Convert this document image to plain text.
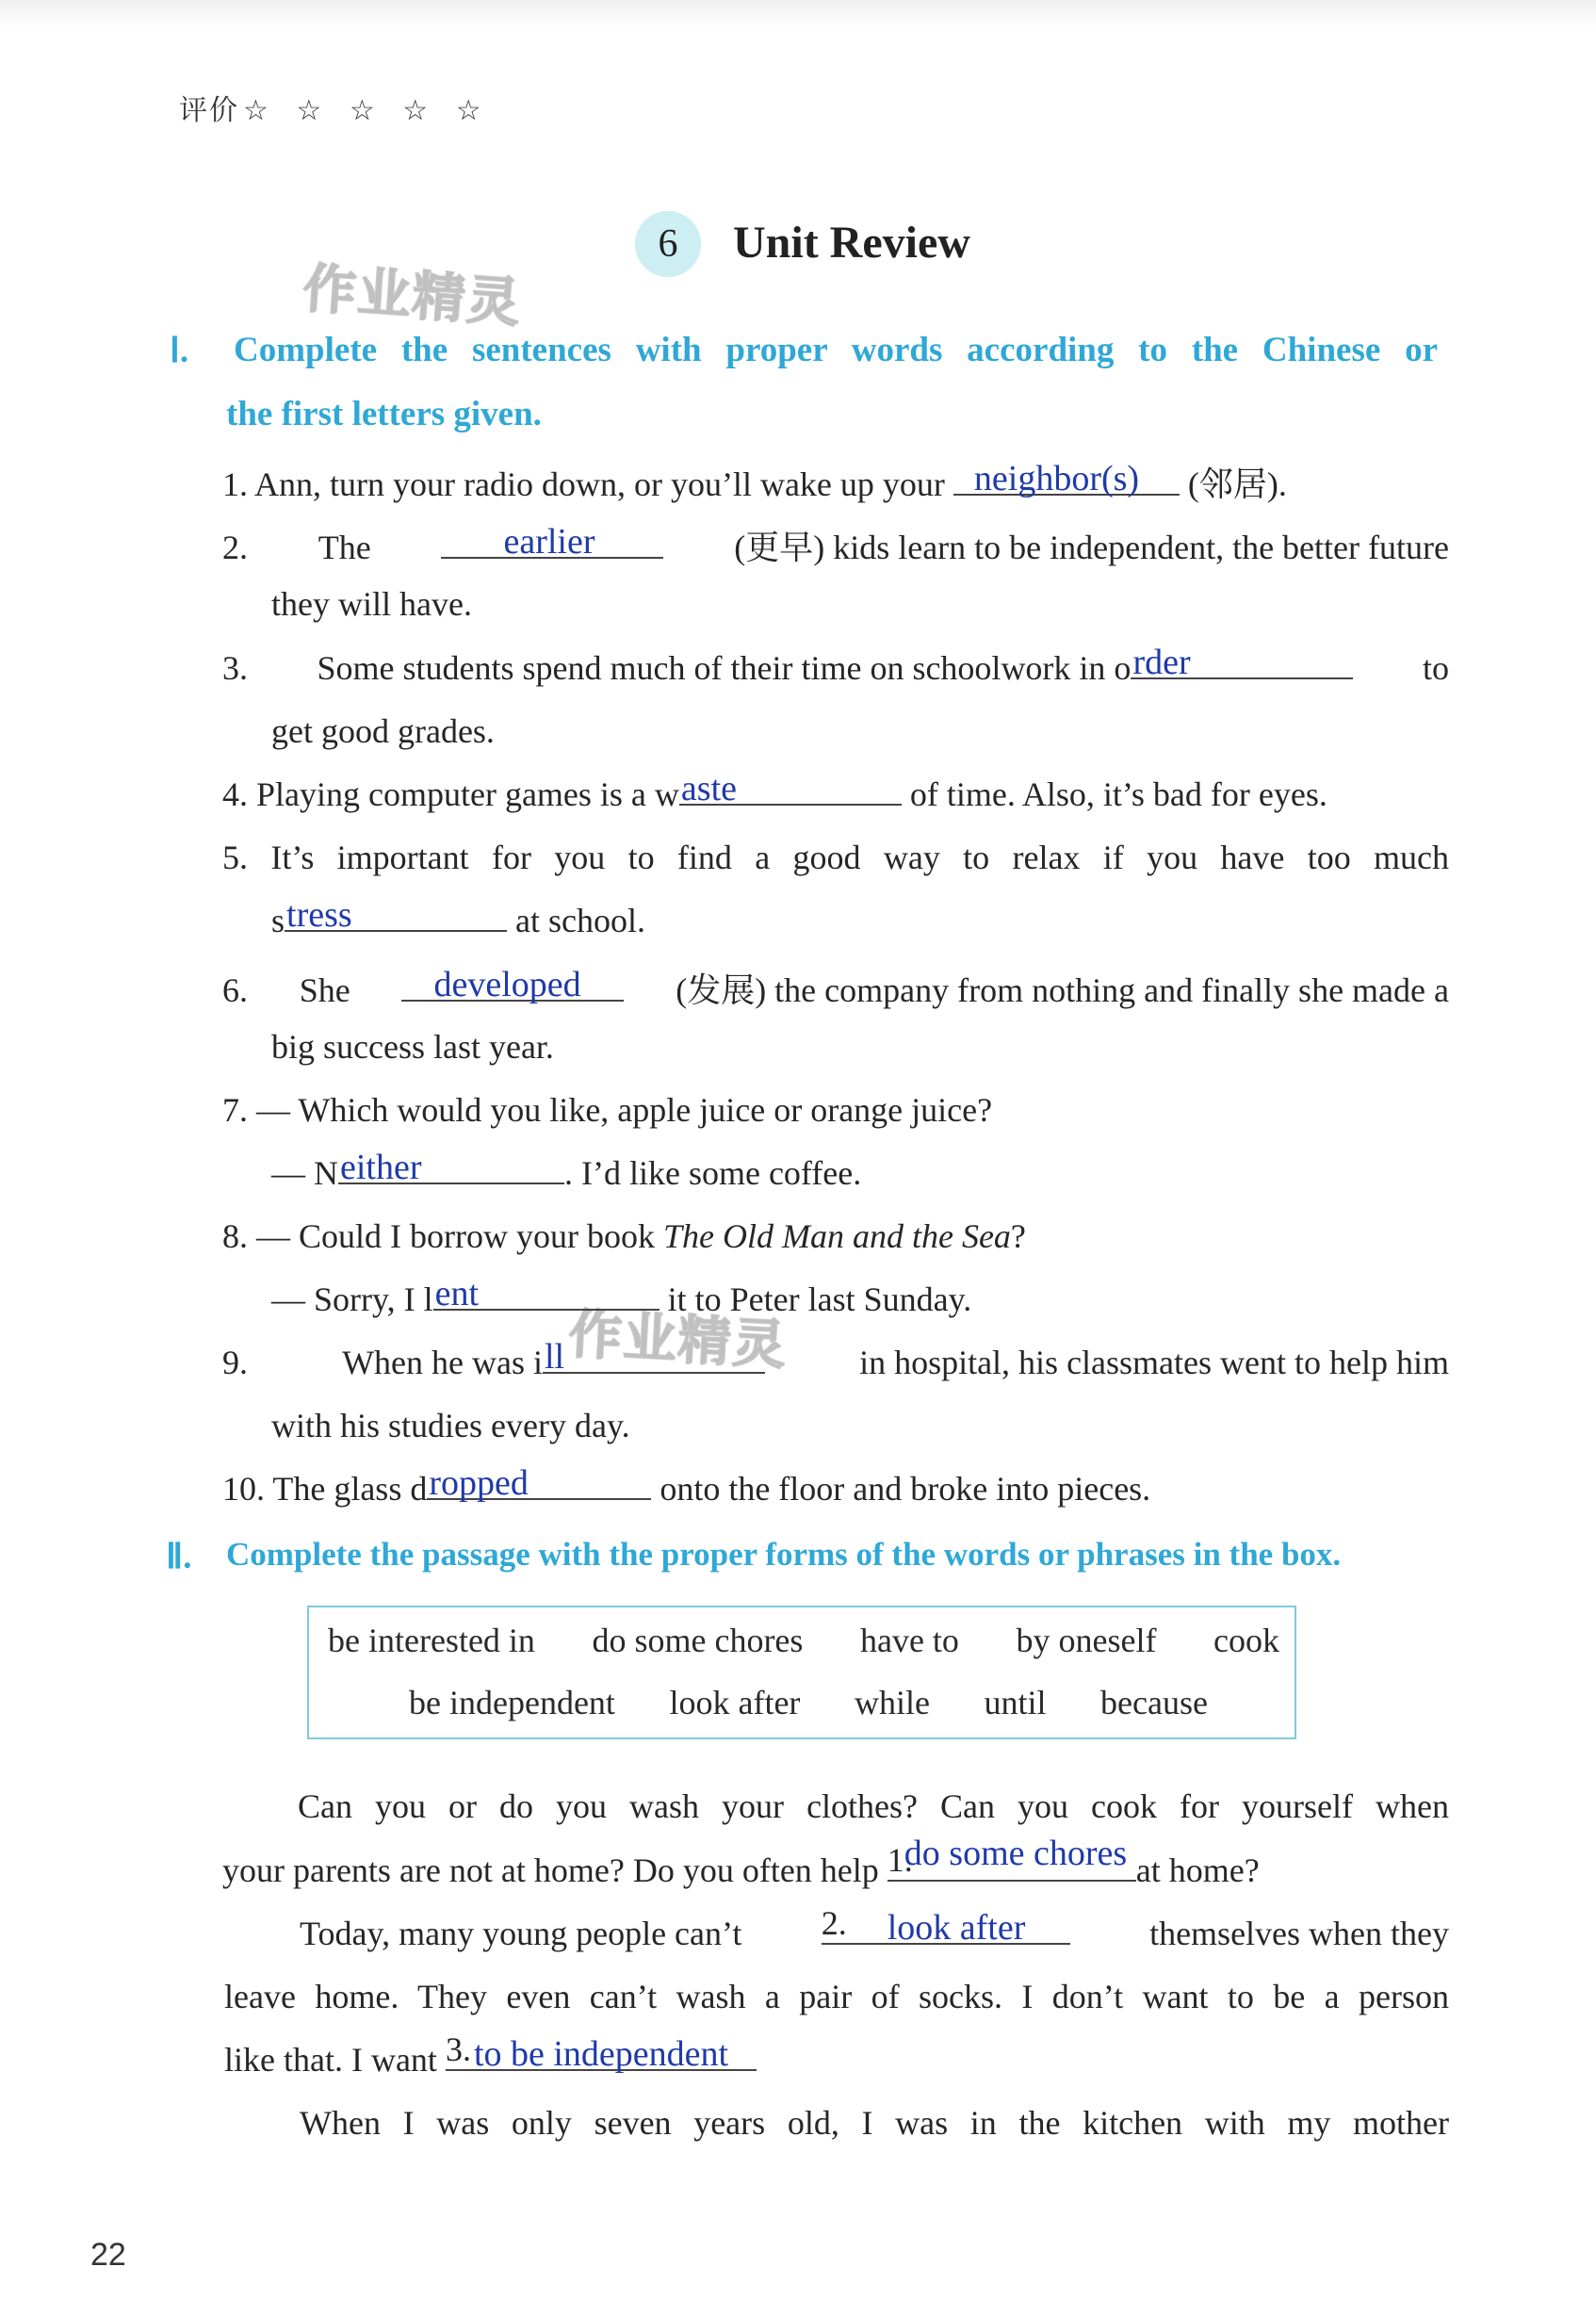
评价 ☆ ☆ ☆ ☆ ☆
6	Unit Review
作业精灵
作业精灵
Ⅰ. Complete the sentences with proper words according to the Chinese or
the first letters given.
1. Ann, turn your radio down, or you’ll wake up your neighbor(s) (邻居).
2. The	earlier	(更早) kids learn to be independent, the better future
they will have.
3. Some students spend much of their time on schoolwork in o rder	to
get good grades.
4. Playing computer games is a w aste	of time. Also, it’s bad for eyes.
5. It’s important for you to find a good way to relax if you have too much
s tress	at school.
6. She developed	(发展) the company from nothing and finally she made a
big success last year.
7. — Which would you like, apple juice or orange juice?
— N either	. I’d like some coffee.
8. — Could I borrow your book The Old Man and the Sea?
— Sorry, I l ent	it to Peter last Sunday.
9.	When he was i ll	in hospital, his classmates went to help him
with his studies every day.
10. The glass d ropped	onto the floor and broke into pieces.
Ⅱ. Complete the passage with the proper forms of the words or phrases in the box.
be interested in do some chores have to by oneself cook
be independent look after while until because
Can you or do you wash your clothes? Can you cook for yourself when
your parents are not at home? Do you often help 1.
do some chores at home?
Today, many young people can’t 2. look after	themselves when they
leave home. They even can’t wash a pair of socks. I don’t want to be a person
like that. I want 3. to be independent
When I was only seven years old, I was in the kitchen with my mother
22
